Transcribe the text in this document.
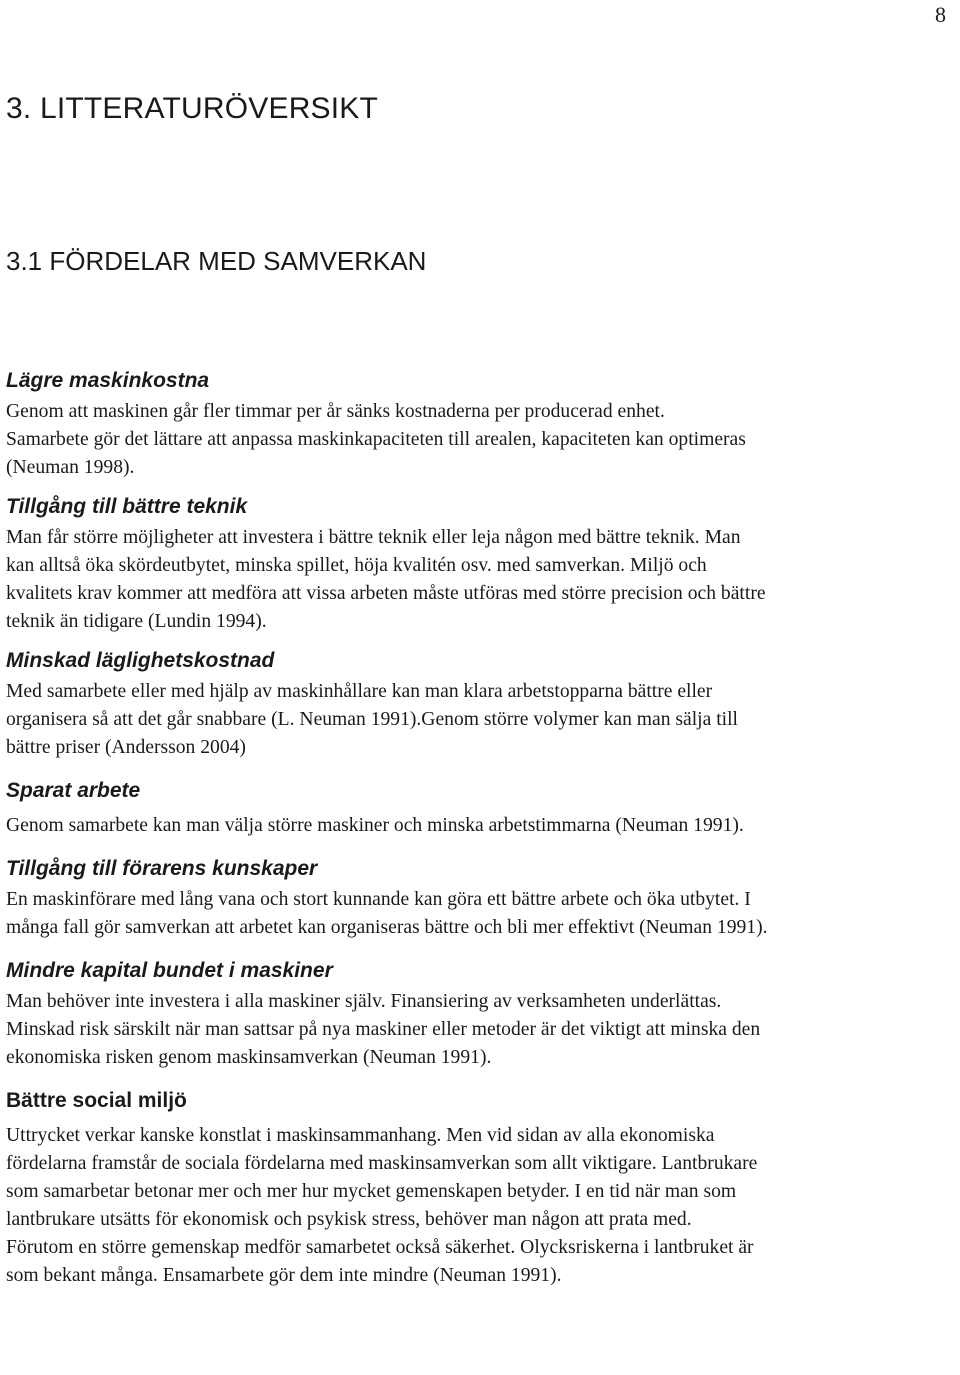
8
3. LITTERATURÖVERSIKT
3.1 FÖRDELAR MED SAMVERKAN
Lägre maskinkostna

Genom att maskinen går fler timmar per år sänks kostnaderna per producerad enhet.
Samarbete gör det lättare att anpassa maskinkapaciteten till arealen, kapaciteten kan optimeras
(Neuman 1998).

Tillgång till bättre teknik

Man får större möjligheter att investera i bättre teknik eller leja någon med bättre teknik. Man
kan alltså öka skördeutbytet, minska spillet, höja kvalitén osv. med samverkan. Miljö och
kvalitets krav kommer att medföra att vissa arbeten måste utföras med större precision och bättre
teknik än tidigare (Lundin 1994).

Minskad läglighetskostnad

Med samarbete eller med hjälp av maskinhållare kan man klara arbetstopparna bättre eller
organisera så att det går snabbare (L. Neuman 1991).Genom större volymer kan man sälja till
bättre priser (Andersson 2004)

Sparat arbete

Genom samarbete kan man välja större maskiner och minska arbetstimmarna (Neuman 1991).

Tillgång till förarens kunskaper

En maskinförare med lång vana och stort kunnande kan göra ett bättre arbete och öka utbytet. I
många fall gör samverkan att arbetet kan organiseras bättre och bli mer effektivt (Neuman 1991).

Mindre kapital bundet i maskiner

Man behöver inte investera i alla maskiner själv. Finansiering av verksamheten underlättas.
Minskad risk särskilt när man sattsar på nya maskiner eller metoder är det viktigt att minska den
ekonomiska risken genom maskinsamverkan (Neuman 1991).

Bättre social miljö

Uttrycket verkar kanske konstlat i maskinsammanhang. Men vid sidan av alla ekonomiska
fördelarna framstår de sociala fördelarna med maskinsamverkan som allt viktigare. Lantbrukare
som samarbetar betonar mer och mer hur mycket gemenskapen betyder. I en tid när man som
lantbrukare utsätts för ekonomisk och psykisk stress, behöver man någon att prata med.
Förutom en större gemenskap medför samarbetet också säkerhet. Olycksriskerna i lantbruket är
som bekant många. Ensamarbete gör dem inte mindre (Neuman 1991).
